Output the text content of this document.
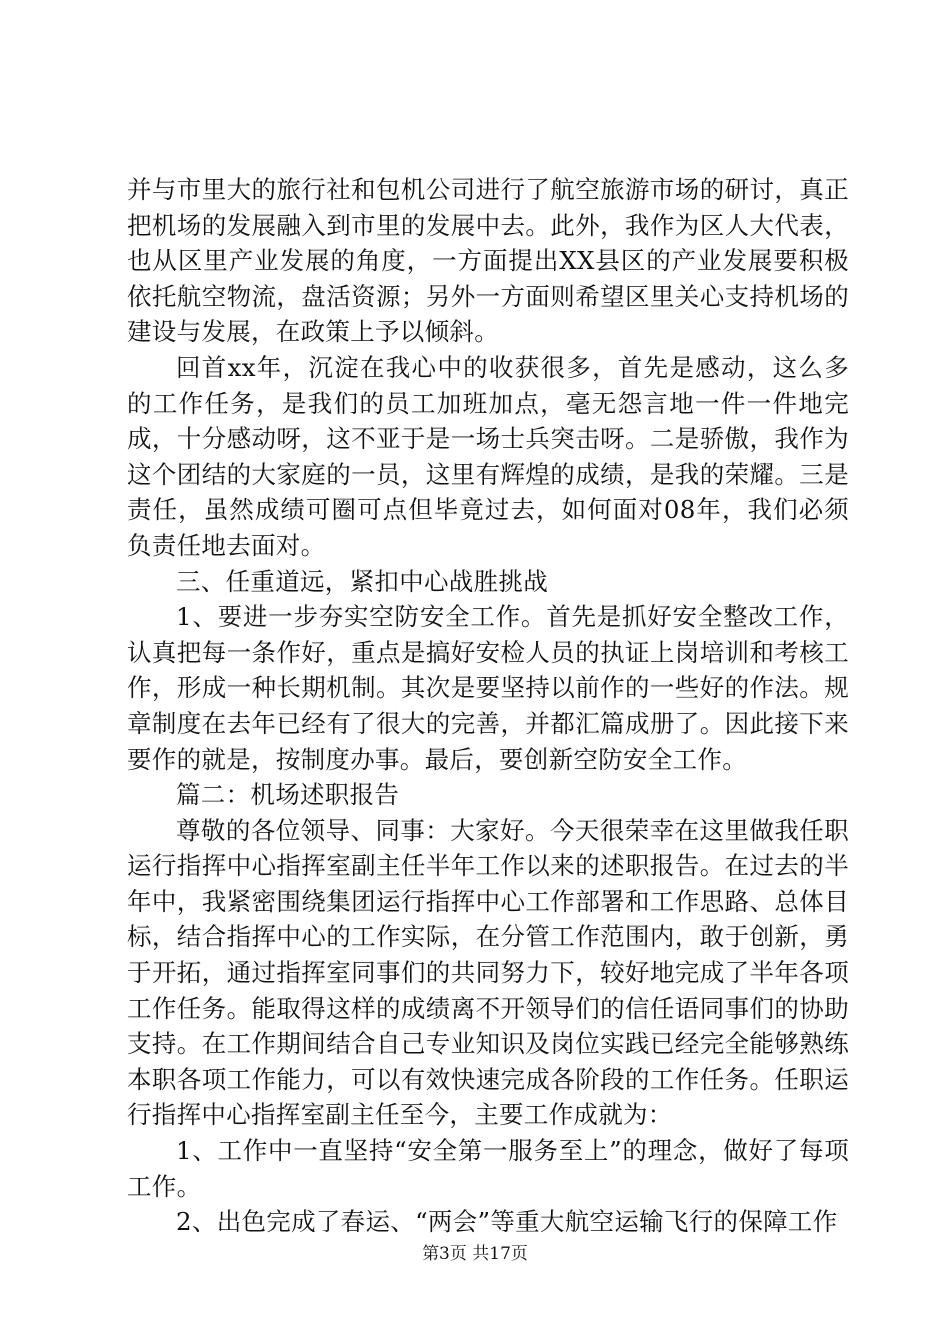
并与市里大的旅行社和包机公司进行了航空旅游市场的研讨，真正把机场的发展融入到市里的发展中去。此外，我作为区人大代表，也从区里产业发展的角度，一方面提出XX县区的产业发展要积极依托航空物流，盘活资源；另外一方面则希望区里关心支持机场的建设与发展，在政策上予以倾斜。

回首xx年，沉淀在我心中的收获很多，首先是感动，这么多的工作任务，是我们的员工加班加点，毫无怨言地一件一件地完成，十分感动呀，这不亚于是一场士兵突击呀。二是骄傲，我作为这个团结的大家庭的一员，这里有辉煌的成绩，是我的荣耀。三是责任，虽然成绩可圈可点但毕竟过去，如何面对08年，我们必须负责任地去面对。

三、任重道远，紧扣中心战胜挑战

1、要进一步夯实空防安全工作。首先是抓好安全整改工作，认真把每一条作好，重点是搞好安检人员的执证上岗培训和考核工作，形成一种长期机制。其次是要坚持以前作的一些好的作法。规章制度在去年已经有了很大的完善，并都汇篇成册了。因此接下来要作的就是，按制度办事。最后，要创新空防安全工作。

篇二：机场述职报告

尊敬的各位领导、同事：大家好。今天很荣幸在这里做我任职运行指挥中心指挥室副主任半年工作以来的述职报告。在过去的半年中，我紧密围绕集团运行指挥中心工作部署和工作思路、总体目标，结合指挥中心的工作实际，在分管工作范围内，敢于创新，勇于开拓，通过指挥室同事们的共同努力下，较好地完成了半年各项工作任务。能取得这样的成绩离不开领导们的信任语同事们的协助支持。在工作期间结合自己专业知识及岗位实践已经完全能够熟练本职各项工作能力，可以有效快速完成各阶段的工作任务。任职运行指挥中心指挥室副主任至今，主要工作成就为：

1、工作中一直坚持“安全第一服务至上”的理念，做好了每项工作。

2、出色完成了春运、“两会”等重大航空运输飞行的保障工作

第3页 共17页
